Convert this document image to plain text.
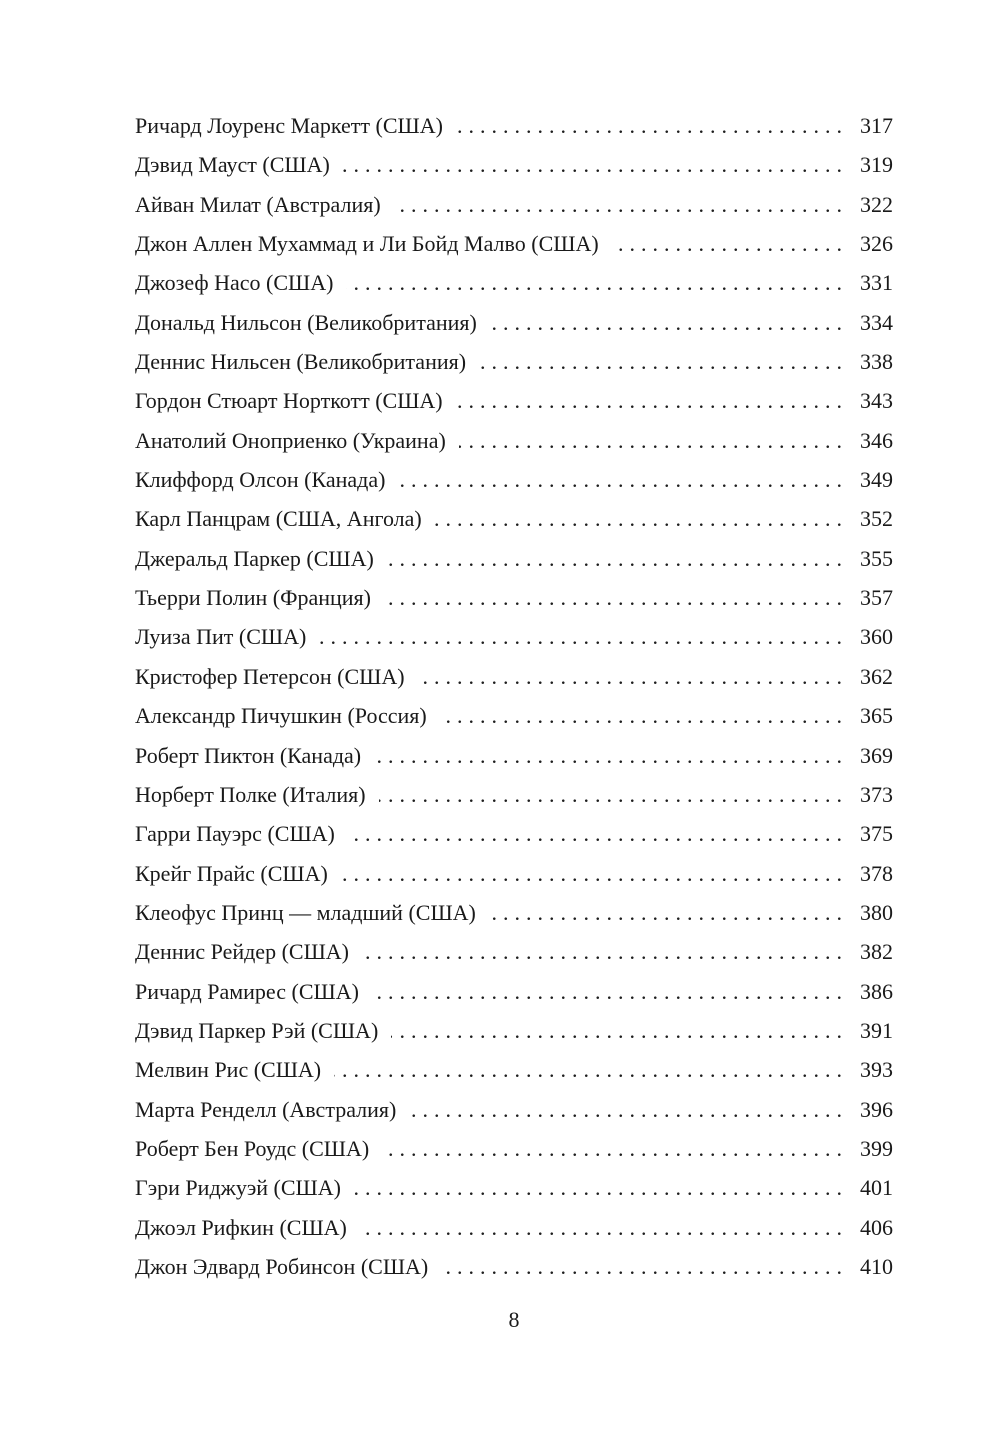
. . .
Ричард Лоуренс Маркетт (США)	317
. . .
Дэвид Мауст (США)	319
. . .
Айван Милат (Австралия)	322
. . .
Джон Аллен Мухаммад и Ли Бойд Малво (США)	326
. . .
Джозеф Насо (США)	331
. . .
Дональд Нильсон (Великобритания)	334
. . .
Деннис Нильсен (Великобритания)	338
. . .
Гордон Стюарт Норткотт (США)	343
. . .
Анатолий Оноприенко (Украина)	346
. . .
Клиффорд Олсон (Канада)	349
. . .
Карл Панцрам (США, Ангола)	352
. . .
Джеральд Паркер (США)	355
. . .
Тьерри Полин (Франция)	357
. . .
Луиза Пит (США)	360
. . .
Кристофер Петерсон (США)	362
. . .
Александр Пичушкин (Россия)	365
. . .
Роберт Пиктон (Канада)	369
. . .
Норберт Полке (Италия)	373
. . .
Гарри Пауэрс (США)	375
. . .
Крейг Прайс (США)	378
. . .
Клеофус Принц — младший (США)	380
. . .
Деннис Рейдер (США)	382
. . .
Ричард Рамирес (США)	386
. . .
Дэвид Паркер Рэй (США)	391
. . .
Мелвин Рис (США)	393
. . .
Марта Ренделл (Австралия)	396
. . .
Роберт Бен Роудс (США)	399
. . .
Гэри Риджуэй (США)	401
. . .
Джоэл Рифкин (США)	406
. . .
Джон Эдвард Робинсон (США)	410
8
